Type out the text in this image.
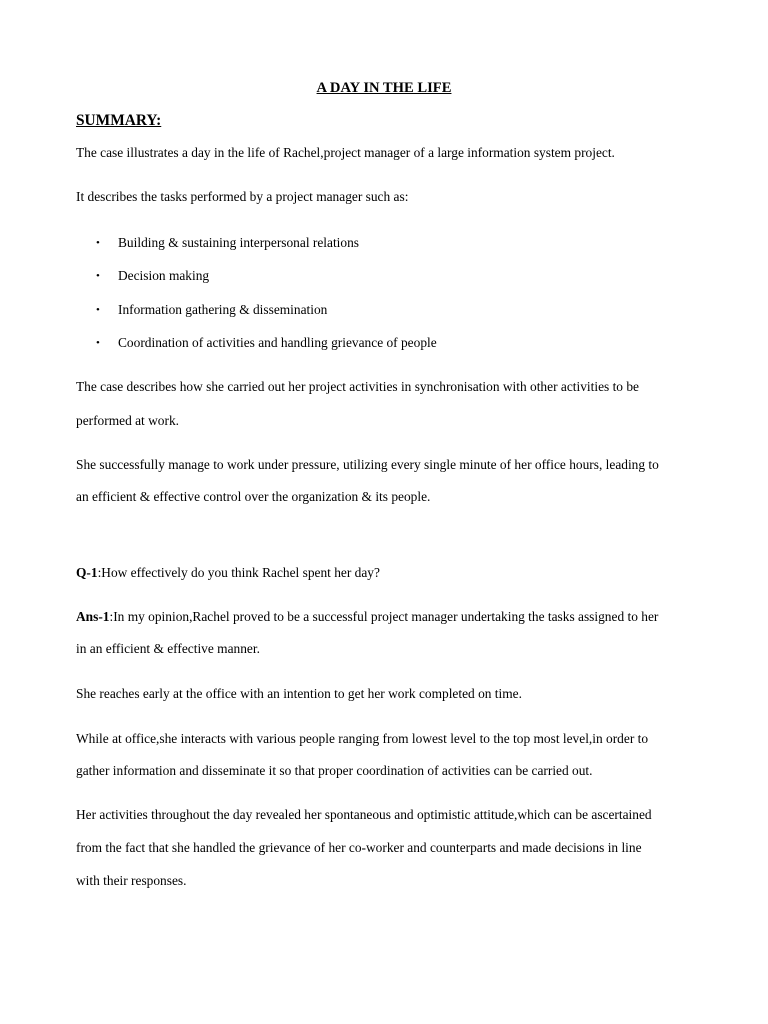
A DAY IN THE LIFE

SUMMARY:

The case illustrates a day in the life of Rachel,project manager of a large information system project.

It describes the tasks performed by a project manager such as:

• Building & sustaining interpersonal relations
• Decision making
• Information gathering & dissemination
• Coordination of activities and handling grievance of people

The case describes how she carried out her project activities in synchronisation with other activities to be

performed at work.

She successfully manage to work under pressure, utilizing every single minute of her office hours, leading to

an efficient & effective control over the organization & its people.

Q-1:How effectively do you think Rachel spent her day?

Ans-1:In my opinion,Rachel proved to be a successful project manager undertaking the tasks assigned to her

in an efficient & effective manner.

She reaches early at the office with an intention to get her work completed on time.

While at office,she interacts with various people ranging from lowest level to the top most level,in order to

gather information and disseminate it so that proper coordination of activities can be carried out.

Her activities throughout the day revealed her spontaneous and optimistic attitude,which can be ascertained

from the fact that she handled the grievance of her co-worker and counterparts and made decisions in line

with their responses.
